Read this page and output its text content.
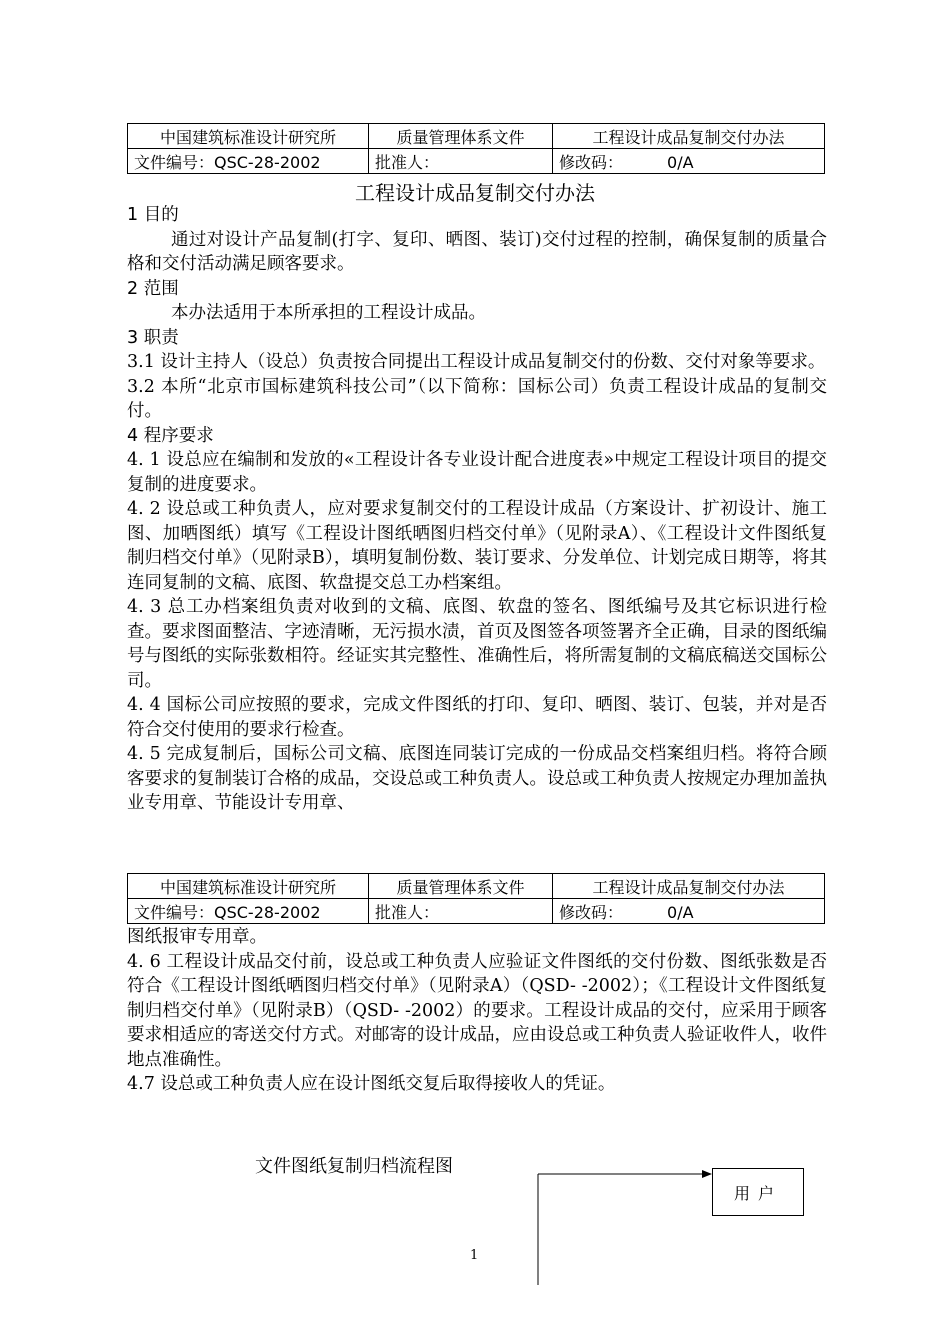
中国建筑标准设计研究所	质量管理体系文件	工程设计成品复制交付办法
文件编号：QSC-28-2002	批准人：	修改码： 0/A
工程设计成品复制交付办法

1 目的

通过对设计产品复制(打字、复印、晒图、装订)交付过程的控制，确保复制的质量合格和交付活动满足顾客要求。

2 范围

本办法适用于本所承担的工程设计成品。

3 职责

3.1 设计主持人（设总）负责按合同提出工程设计成品复制交付的份数、交付对象等要求。

3.2 本所“北京市国标建筑科技公司”（以下简称：国标公司）负责工程设计成品的复制交付。

4 程序要求

4. 1 设总应在编制和发放的«工程设计各专业设计配合进度表»中规定工程设计项目的提交复制的进度要求。

4. 2 设总或工种负责人，应对要求复制交付的工程设计成品（方案设计、扩初设计、施工图、加晒图纸）填写《工程设计图纸晒图归档交付单》（见附录A）、《工程设计文件图纸复制归档交付单》（见附录B），填明复制份数、装订要求、分发单位、计划完成日期等，将其连同复制的文稿、底图、软盘提交总工办档案组。

4. 3 总工办档案组负责对收到的文稿、底图、软盘的签名、图纸编号及其它标识进行检查。要求图面整洁、字迹清晰，无污损水渍，首页及图签各项签署齐全正确，目录的图纸编号与图纸的实际张数相符。经证实其完整性、准确性后，将所需复制的文稿底稿送交国标公司。

4. 4 国标公司应按照的要求，完成文件图纸的打印、复印、晒图、装订、包装，并对是否符合交付使用的要求行检查。

4. 5 完成复制后，国标公司文稿、底图连同装订完成的一份成品交档案组归档。将符合顾客要求的复制装订合格的成品，交设总或工种负责人。设总或工种负责人按规定办理加盖执业专用章、节能设计专用章、

中国建筑标准设计研究所	质量管理体系文件	工程设计成品复制交付办法
文件编号：QSC-28-2002	批准人：	修改码： 0/A

图纸报审专用章。

4. 6 工程设计成品交付前，设总或工种负责人应验证文件图纸的交付份数、图纸张数是否符合《工程设计图纸晒图归档交付单》（见附录A）（QSD- -2002）；《工程设计文件图纸复制归档交付单》（见附录B）（QSD- -2002）的要求。工程设计成品的交付，应采用于顾客要求相适应的寄送交付方式。对邮寄的设计成品，应由设总或工种负责人验证收件人，收件地点准确性。

4.7 设总或工种负责人应在设计图纸交复后取得接收人的凭证。

文件图纸复制归档流程图
用户
1
